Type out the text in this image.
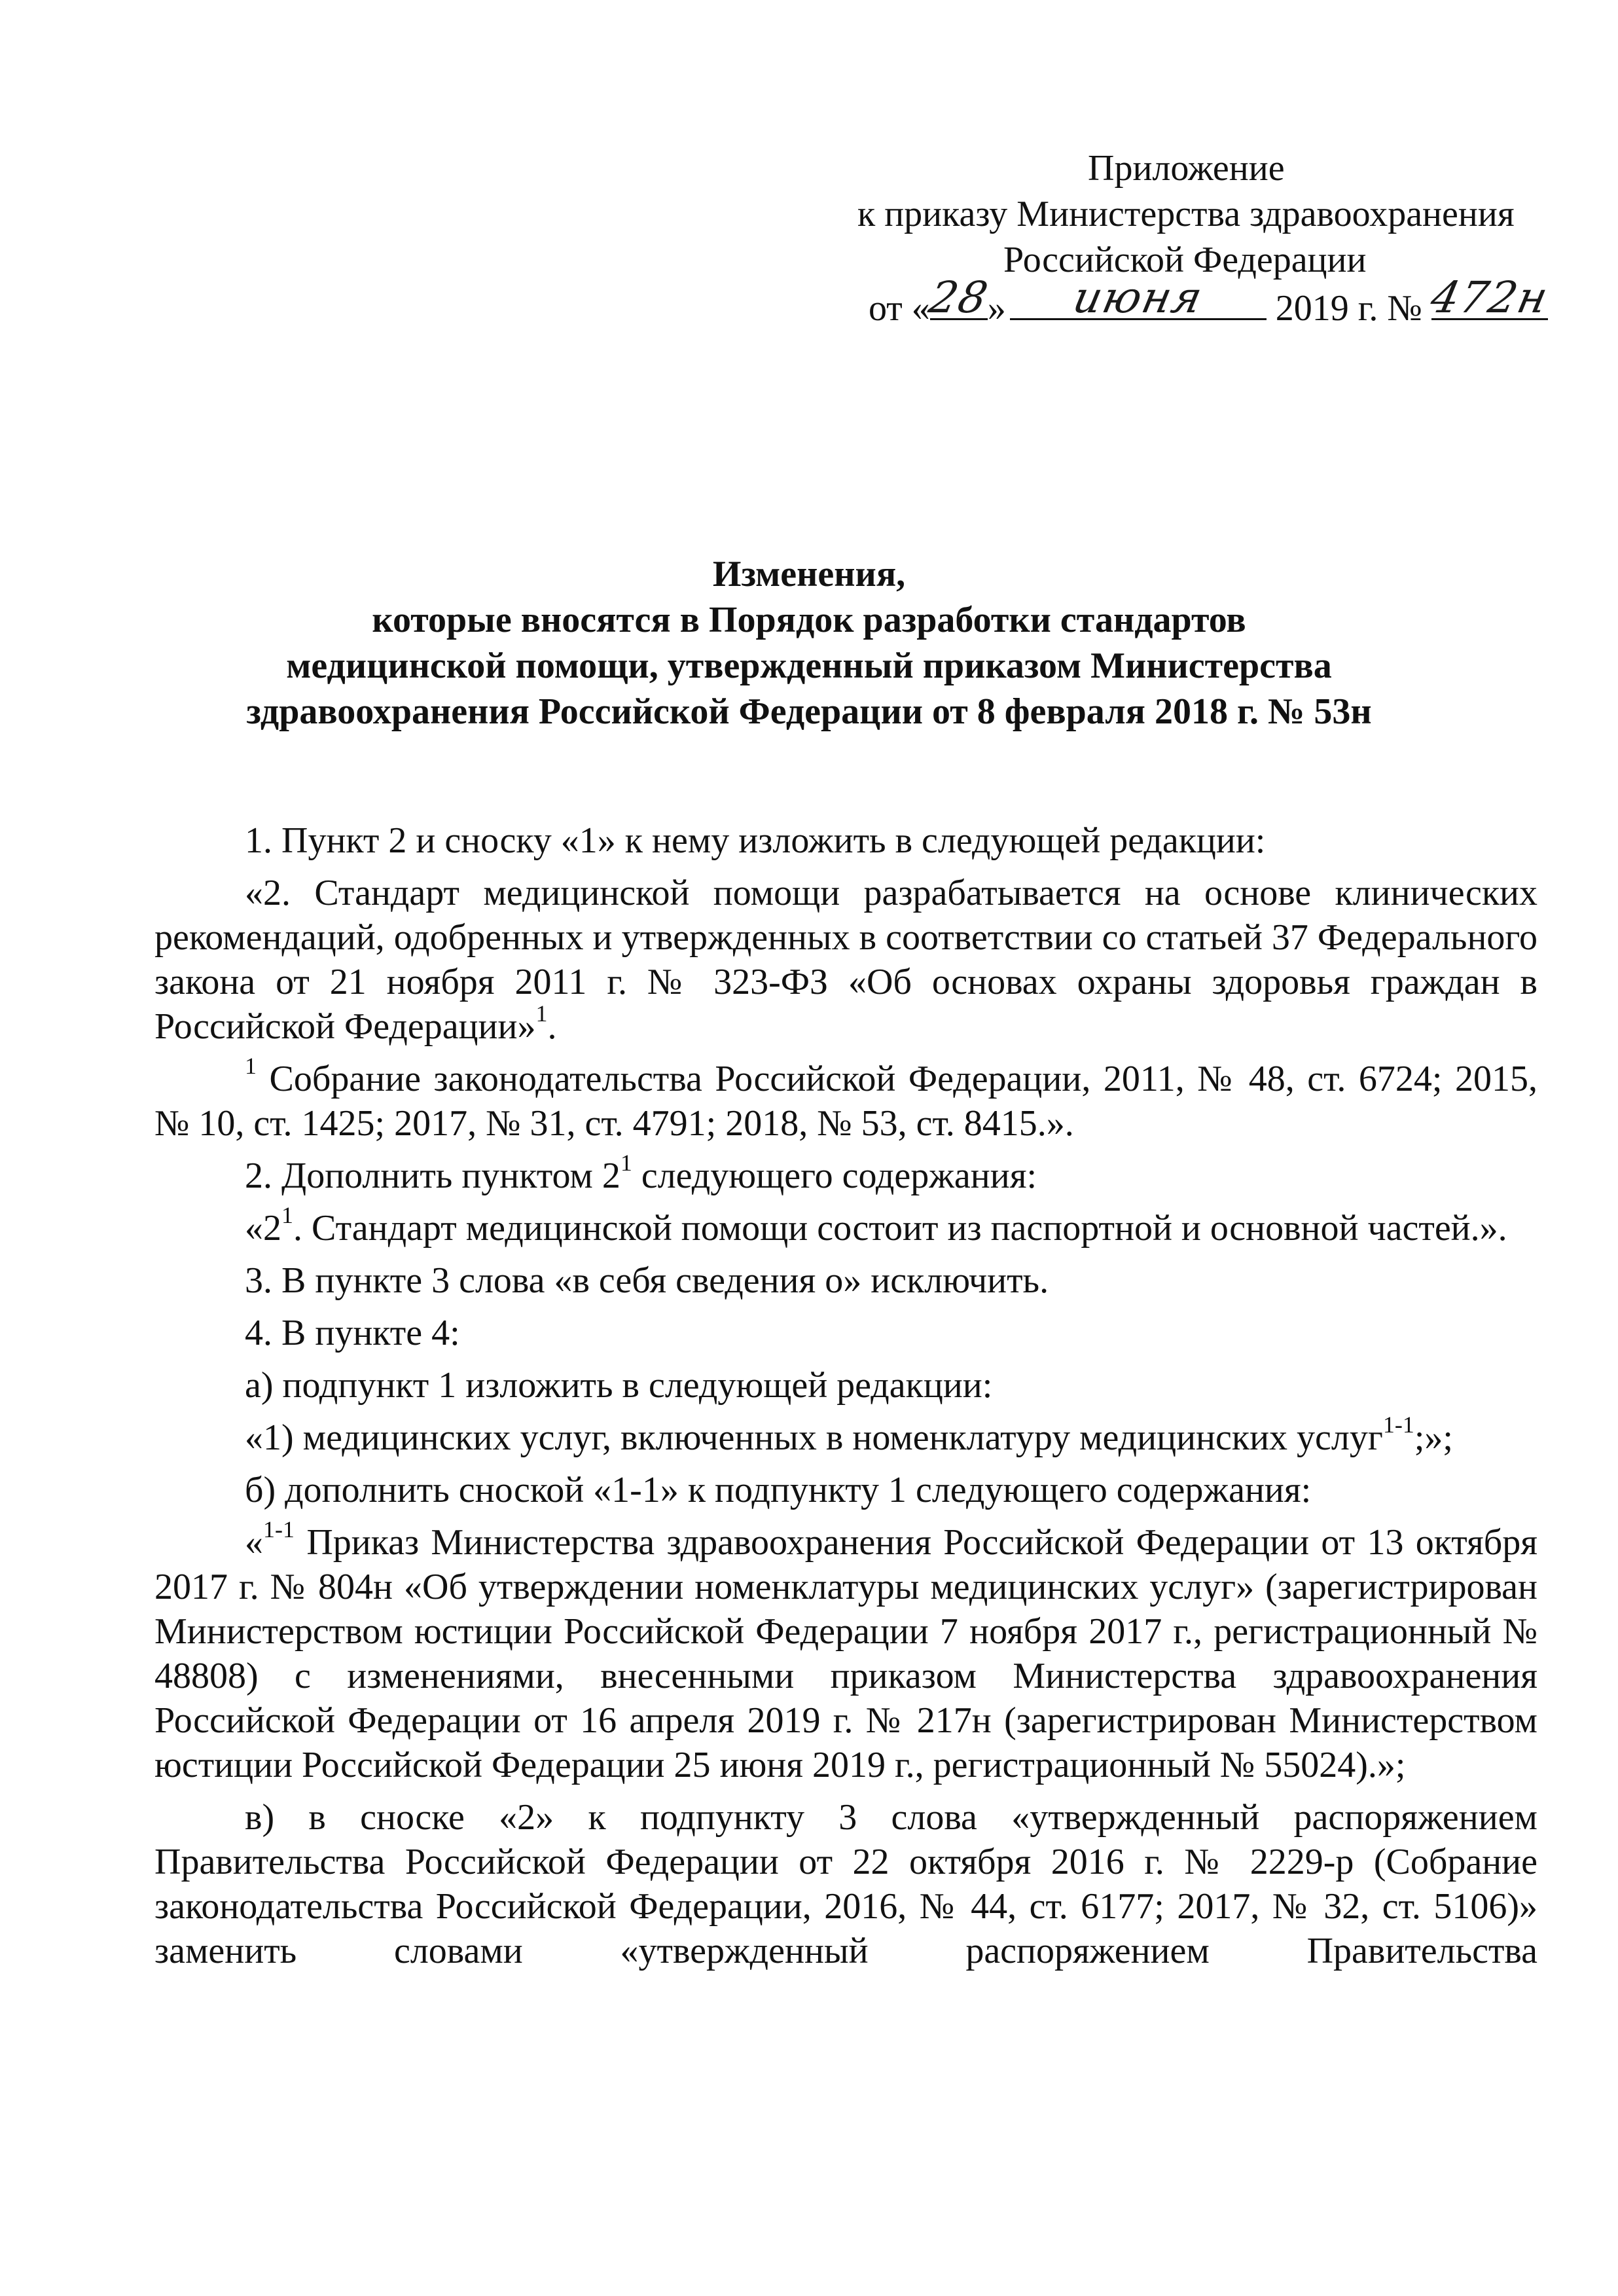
Приложение
к приказу Министерства здравоохранения
Российской Федерации
от «
28
»	июня	2019 г. № 472н
Изменения,
которые вносятся в Порядок разработки стандартов
медицинской помощи, утвержденный приказом Министерства
здравоохранения Российской Федерации от 8 февраля 2018 г. № 53н

1. Пункт 2 и сноску «1» к нему изложить в следующей редакции:

«2. Стандарт медицинской помощи разрабатывается на основе клинических рекомендаций, одобренных и утвержденных в соответствии со статьей 37 Федерального закона от 21 ноября 2011 г. № 323-ФЗ «Об основах охраны здоровья граждан в Российской Федерации»$^1$.

$^1$ Собрание законодательства Российской Федерации, 2011, № 48, ст. 6724; 2015, № 10, ст. 1425; 2017, № 31, ст. 4791; 2018, № 53, ст. 8415.».

2. Дополнить пунктом $2^1$ следующего содержания:

«$2^1$. Стандарт медицинской помощи состоит из паспортной и основной частей.».

3. В пункте 3 слова «в себя сведения о» исключить.

4. В пункте 4:

а) подпункт 1 изложить в следующей редакции:

«1) медицинских услуг, включенных в номенклатуру медицинских услуг$^{1-1}$;»;

б) дополнить сноской «1-1» к подпункту 1 следующего содержания:

«$^{1-1}$ Приказ Министерства здравоохранения Российской Федерации от 13 октября 2017 г. № 804н «Об утверждении номенклатуры медицинских услуг» (зарегистрирован Министерством юстиции Российской Федерации 7 ноября 2017 г., регистрационный № 48808) с изменениями, внесенными приказом Министерства здравоохранения Российской Федерации от 16 апреля 2019 г. № 217н (зарегистрирован Министерством юстиции Российской Федерации 25 июня 2019 г., регистрационный № 55024).»;

в) в сноске «2» к подпункту 3 слова «утвержденный распоряжением Правительства Российской Федерации от 22 октября 2016 г. № 2229-р (Собрание законодательства Российской Федерации, 2016, № 44, ст. 6177; 2017, № 32, ст. 5106)» заменить словами «утвержденный распоряжением Правительства
